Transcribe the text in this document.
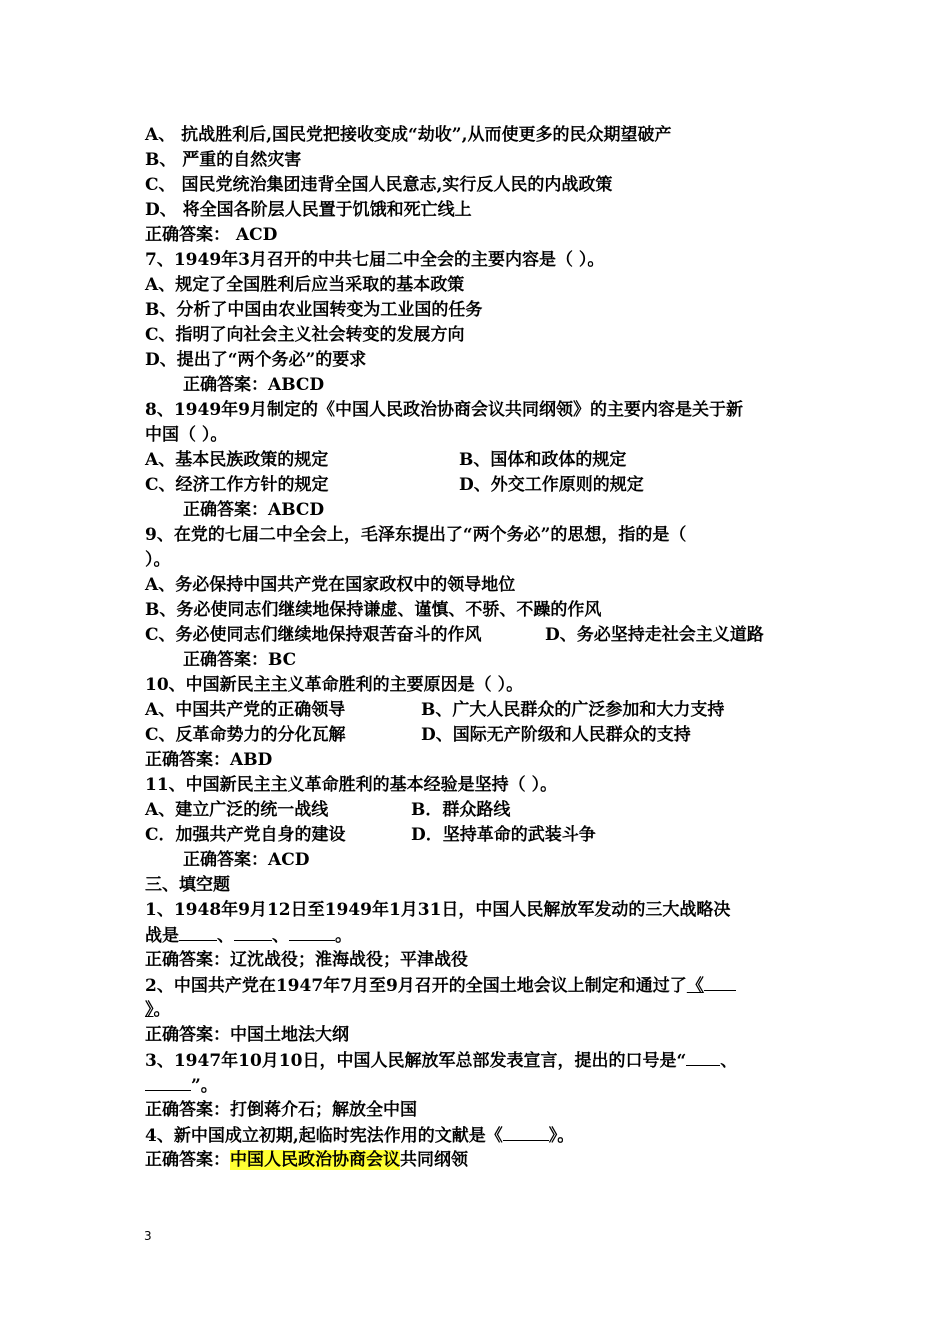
A、 抗战胜利后,国民党把接收变成“劫收”,从而使更多的民众期望破产
B、 严重的自然灾害
C、 国民党统治集团违背全国人民意志,实行反人民的内战政策
D、 将全国各阶层人民置于饥饿和死亡线上
正确答案： ACD
7、1949年3月召开的中共七届二中全会的主要内容是（ ）。
A、规定了全国胜利后应当采取的基本政策
B、分析了中国由农业国转变为工业国的任务
C、指明了向社会主义社会转变的发展方向
D、提出了“两个务必”的要求
正确答案：ABCD
8、1949年9月制定的《中国人民政治协商会议共同纲领》的主要内容是关于新
中国（ ）。
A、基本民族政策的规定	B、国体和政体的规定
C、经济工作方针的规定	D、外交工作原则的规定
正确答案：ABCD
9、在党的七届二中全会上，毛泽东提出了“两个务必”的思想，指的是（
）。
A、务必保持中国共产党在国家政权中的领导地位
B、务必使同志们继续地保持谦虚、谨慎、不骄、不躁的作风
C、务必使同志们继续地保持艰苦奋斗的作风	D、务必坚持走社会主义道路
正确答案：BC
10、中国新民主主义革命胜利的主要原因是（ ）。
A、中国共产党的正确领导	B、广大人民群众的广泛参加和大力支持
C、反革命势力的分化瓦解	D、国际无产阶级和人民群众的支持
正确答案：ABD
11、中国新民主主义革命胜利的基本经验是坚持（ ）。
A、建立广泛的统一战线	B．群众路线
C．加强共产党自身的建设	D．坚持革命的武装斗争
正确答案：ACD
三、填空题
1、1948年9月12日至1949年1月31日，中国人民解放军发动的三大战略决
战是 、 、	。
正确答案：辽沈战役；淮海战役；平津战役
2、中国共产党在1947年7月至9月召开的全国土地会议上制定和通过了《
》。
正确答案：中国土地法大纲
3、1947年10月10日，中国人民解放军总部发表宣言，提出的口号是“ 、
”。
正确答案：打倒蒋介石；解放全中国
4、新中国成立初期,起临时宪法作用的文献是《	》。
正确答案：中国人民政治协商会议共同纲领
3
